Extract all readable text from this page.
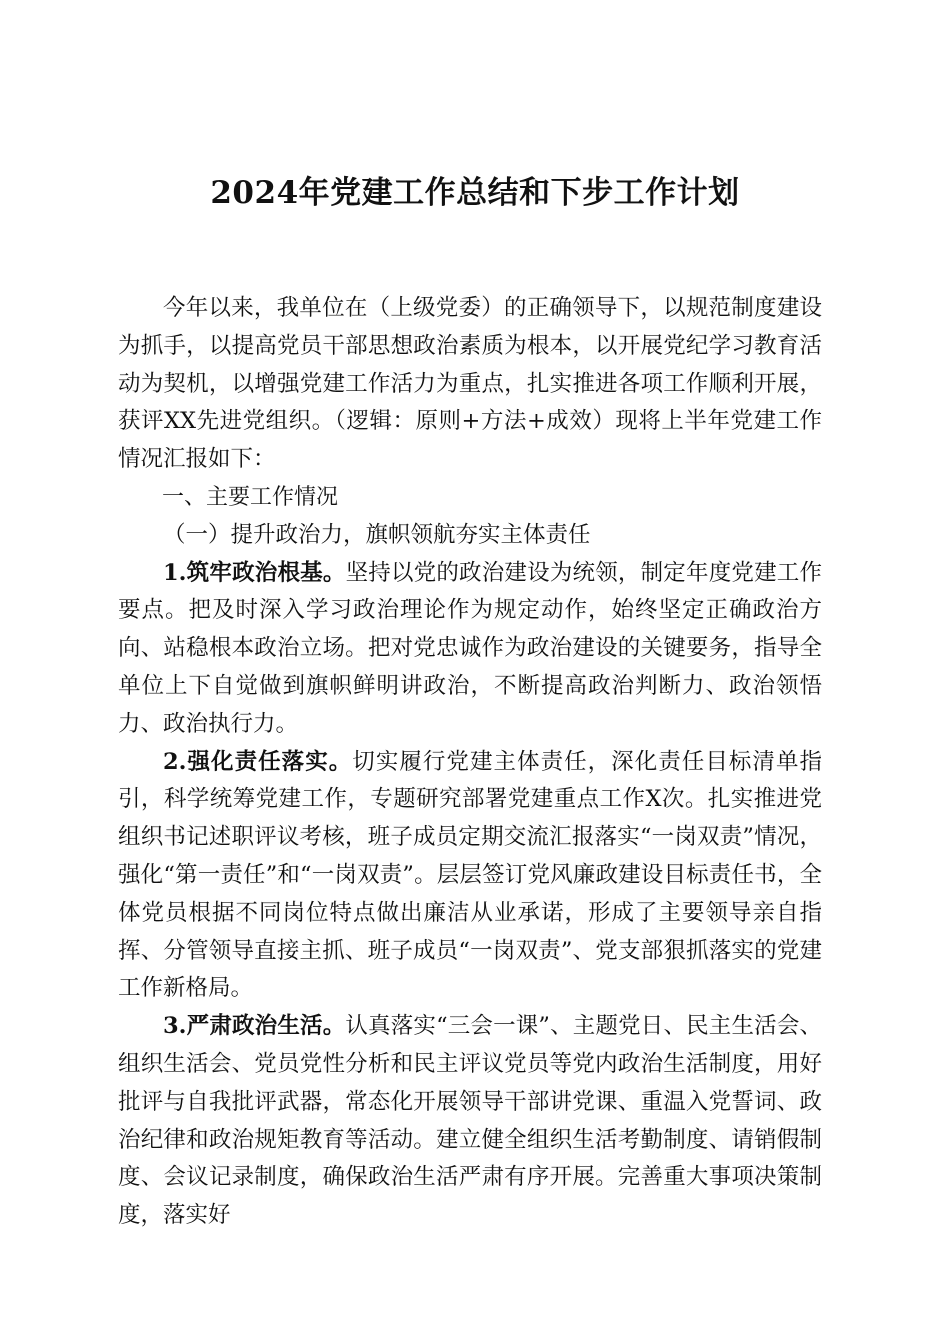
2024年党建工作总结和下步工作计划

今年以来，我单位在（上级党委）的正确领导下，以规范制度建设为抓手，以提高党员干部思想政治素质为根本，以开展党纪学习教育活动为契机，以增强党建工作活力为重点，扎实推进各项工作顺利开展，获评XX先进党组织。（逻辑：原则+方法+成效）现将上半年党建工作情况汇报如下：

一、主要工作情况

（一）提升政治力，旗帜领航夯实主体责任

1.筑牢政治根基。坚持以党的政治建设为统领，制定年度党建工作要点。把及时深入学习政治理论作为规定动作，始终坚定正确政治方向、站稳根本政治立场。把对党忠诚作为政治建设的关键要务，指导全单位上下自觉做到旗帜鲜明讲政治，不断提高政治判断力、政治领悟力、政治执行力。

2.强化责任落实。切实履行党建主体责任，深化责任目标清单指引，科学统筹党建工作，专题研究部署党建重点工作X次。扎实推进党组织书记述职评议考核，班子成员定期交流汇报落实“一岗双责”情况，强化“第一责任”和“一岗双责”。层层签订党风廉政建设目标责任书，全体党员根据不同岗位特点做出廉洁从业承诺，形成了主要领导亲自指挥、分管领导直接主抓、班子成员“一岗双责”、党支部狠抓落实的党建工作新格局。

3.严肃政治生活。认真落实“三会一课”、主题党日、民主生活会、组织生活会、党员党性分析和民主评议党员等党内政治生活制度，用好批评与自我批评武器，常态化开展领导干部讲党课、重温入党誓词、政治纪律和政治规矩教育等活动。建立健全组织生活考勤制度、请销假制度、会议记录制度，确保政治生活严肃有序开展。完善重大事项决策制度，落实好
